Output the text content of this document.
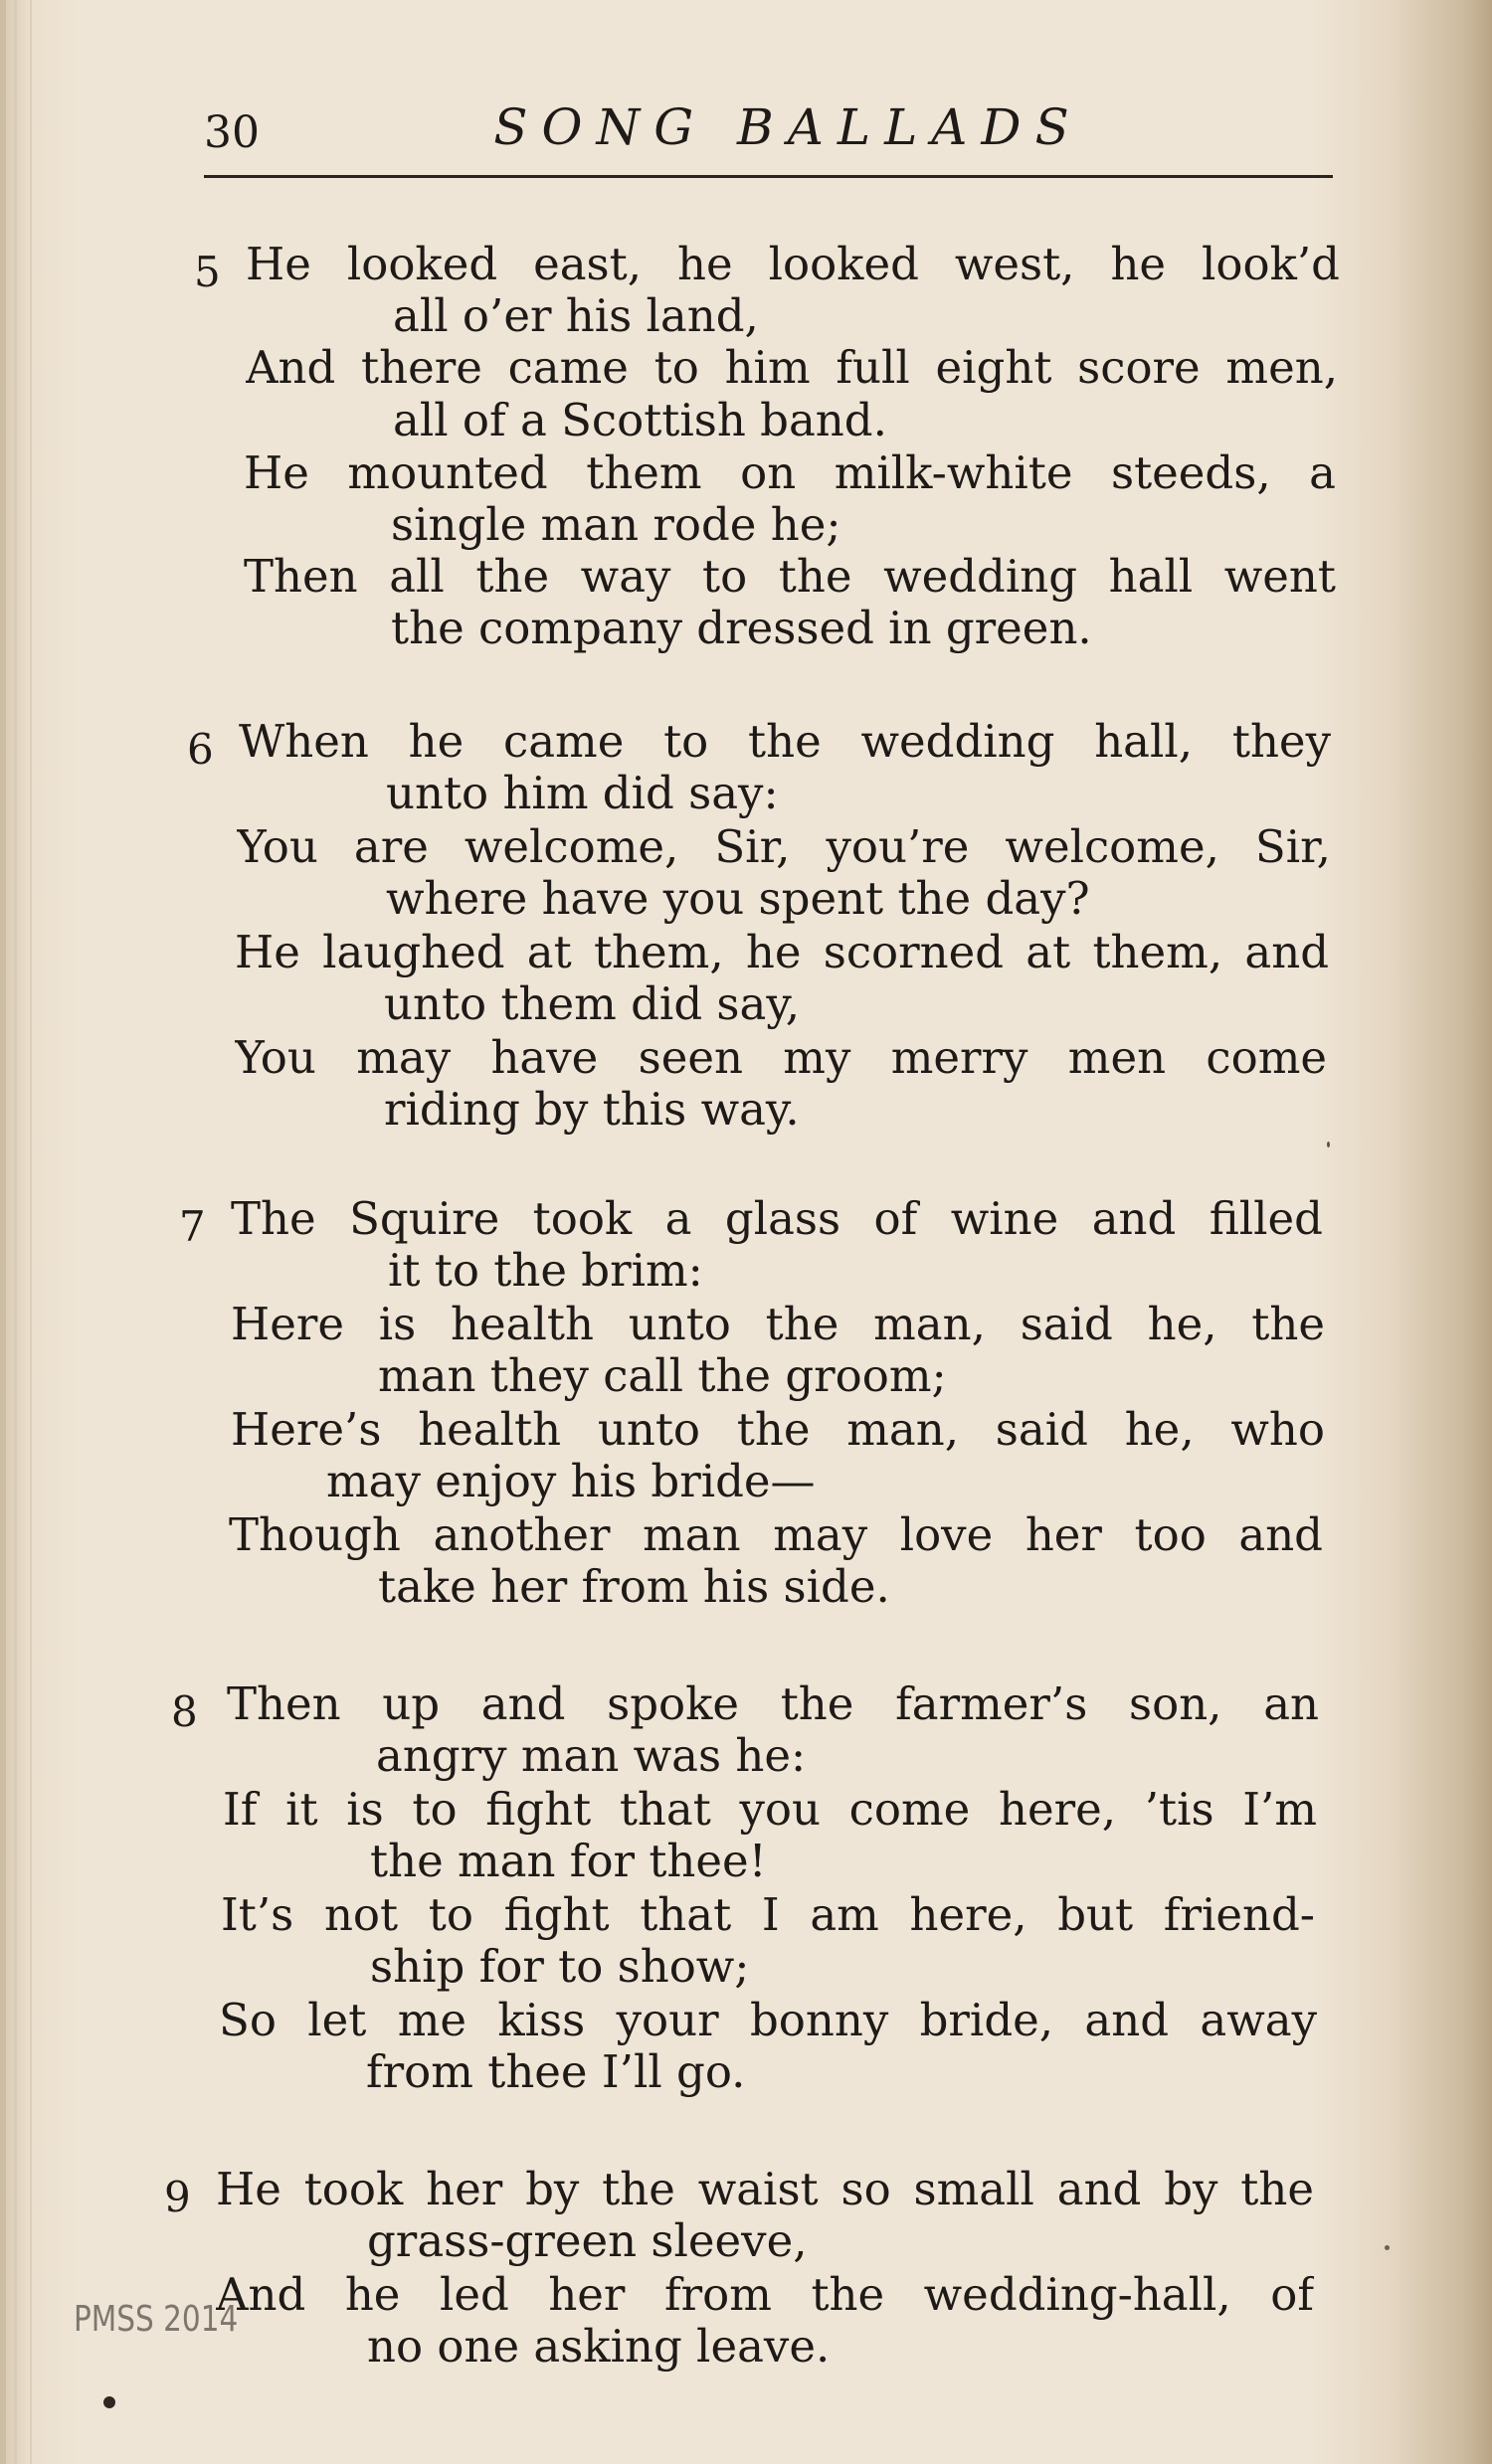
30	SONG BALLADS
5 He looked east, he looked west, he look’d
all o’er his land,
And there came to him full eight score men,
all of a Scottish band.
He mounted them on milk-white steeds, a
single man rode he;
Then all the way to the wedding hall went
the company dressed in green.
6 When he came to the wedding hall, they
unto him did say:
You are welcome, Sir, you’re welcome, Sir,
where have you spent the day?
He laughed at them, he scorned at them, and
unto them did say,
You may have seen my merry men come
riding by this way.
7 The Squire took a glass of wine and filled
it to the brim:
Here is health unto the man, said he, the
man they call the groom;
Here’s health unto the man, said he, who
may enjoy his bride—
Though another man may love her too and
take her from his side.
8 Then up and spoke the farmer’s son, an
angry man was he:
If it is to fight that you come here, ’tis I’m
the man for thee!
It’s not to fight that I am here, but friend-
ship for to show;
So let me kiss your bonny bride, and away
from thee I’ll go.
9 He took her by the waist so small and by the
grass-green sleeve,
And he led her from the wedding-hall, of
no one asking leave.
PMSS 2014
